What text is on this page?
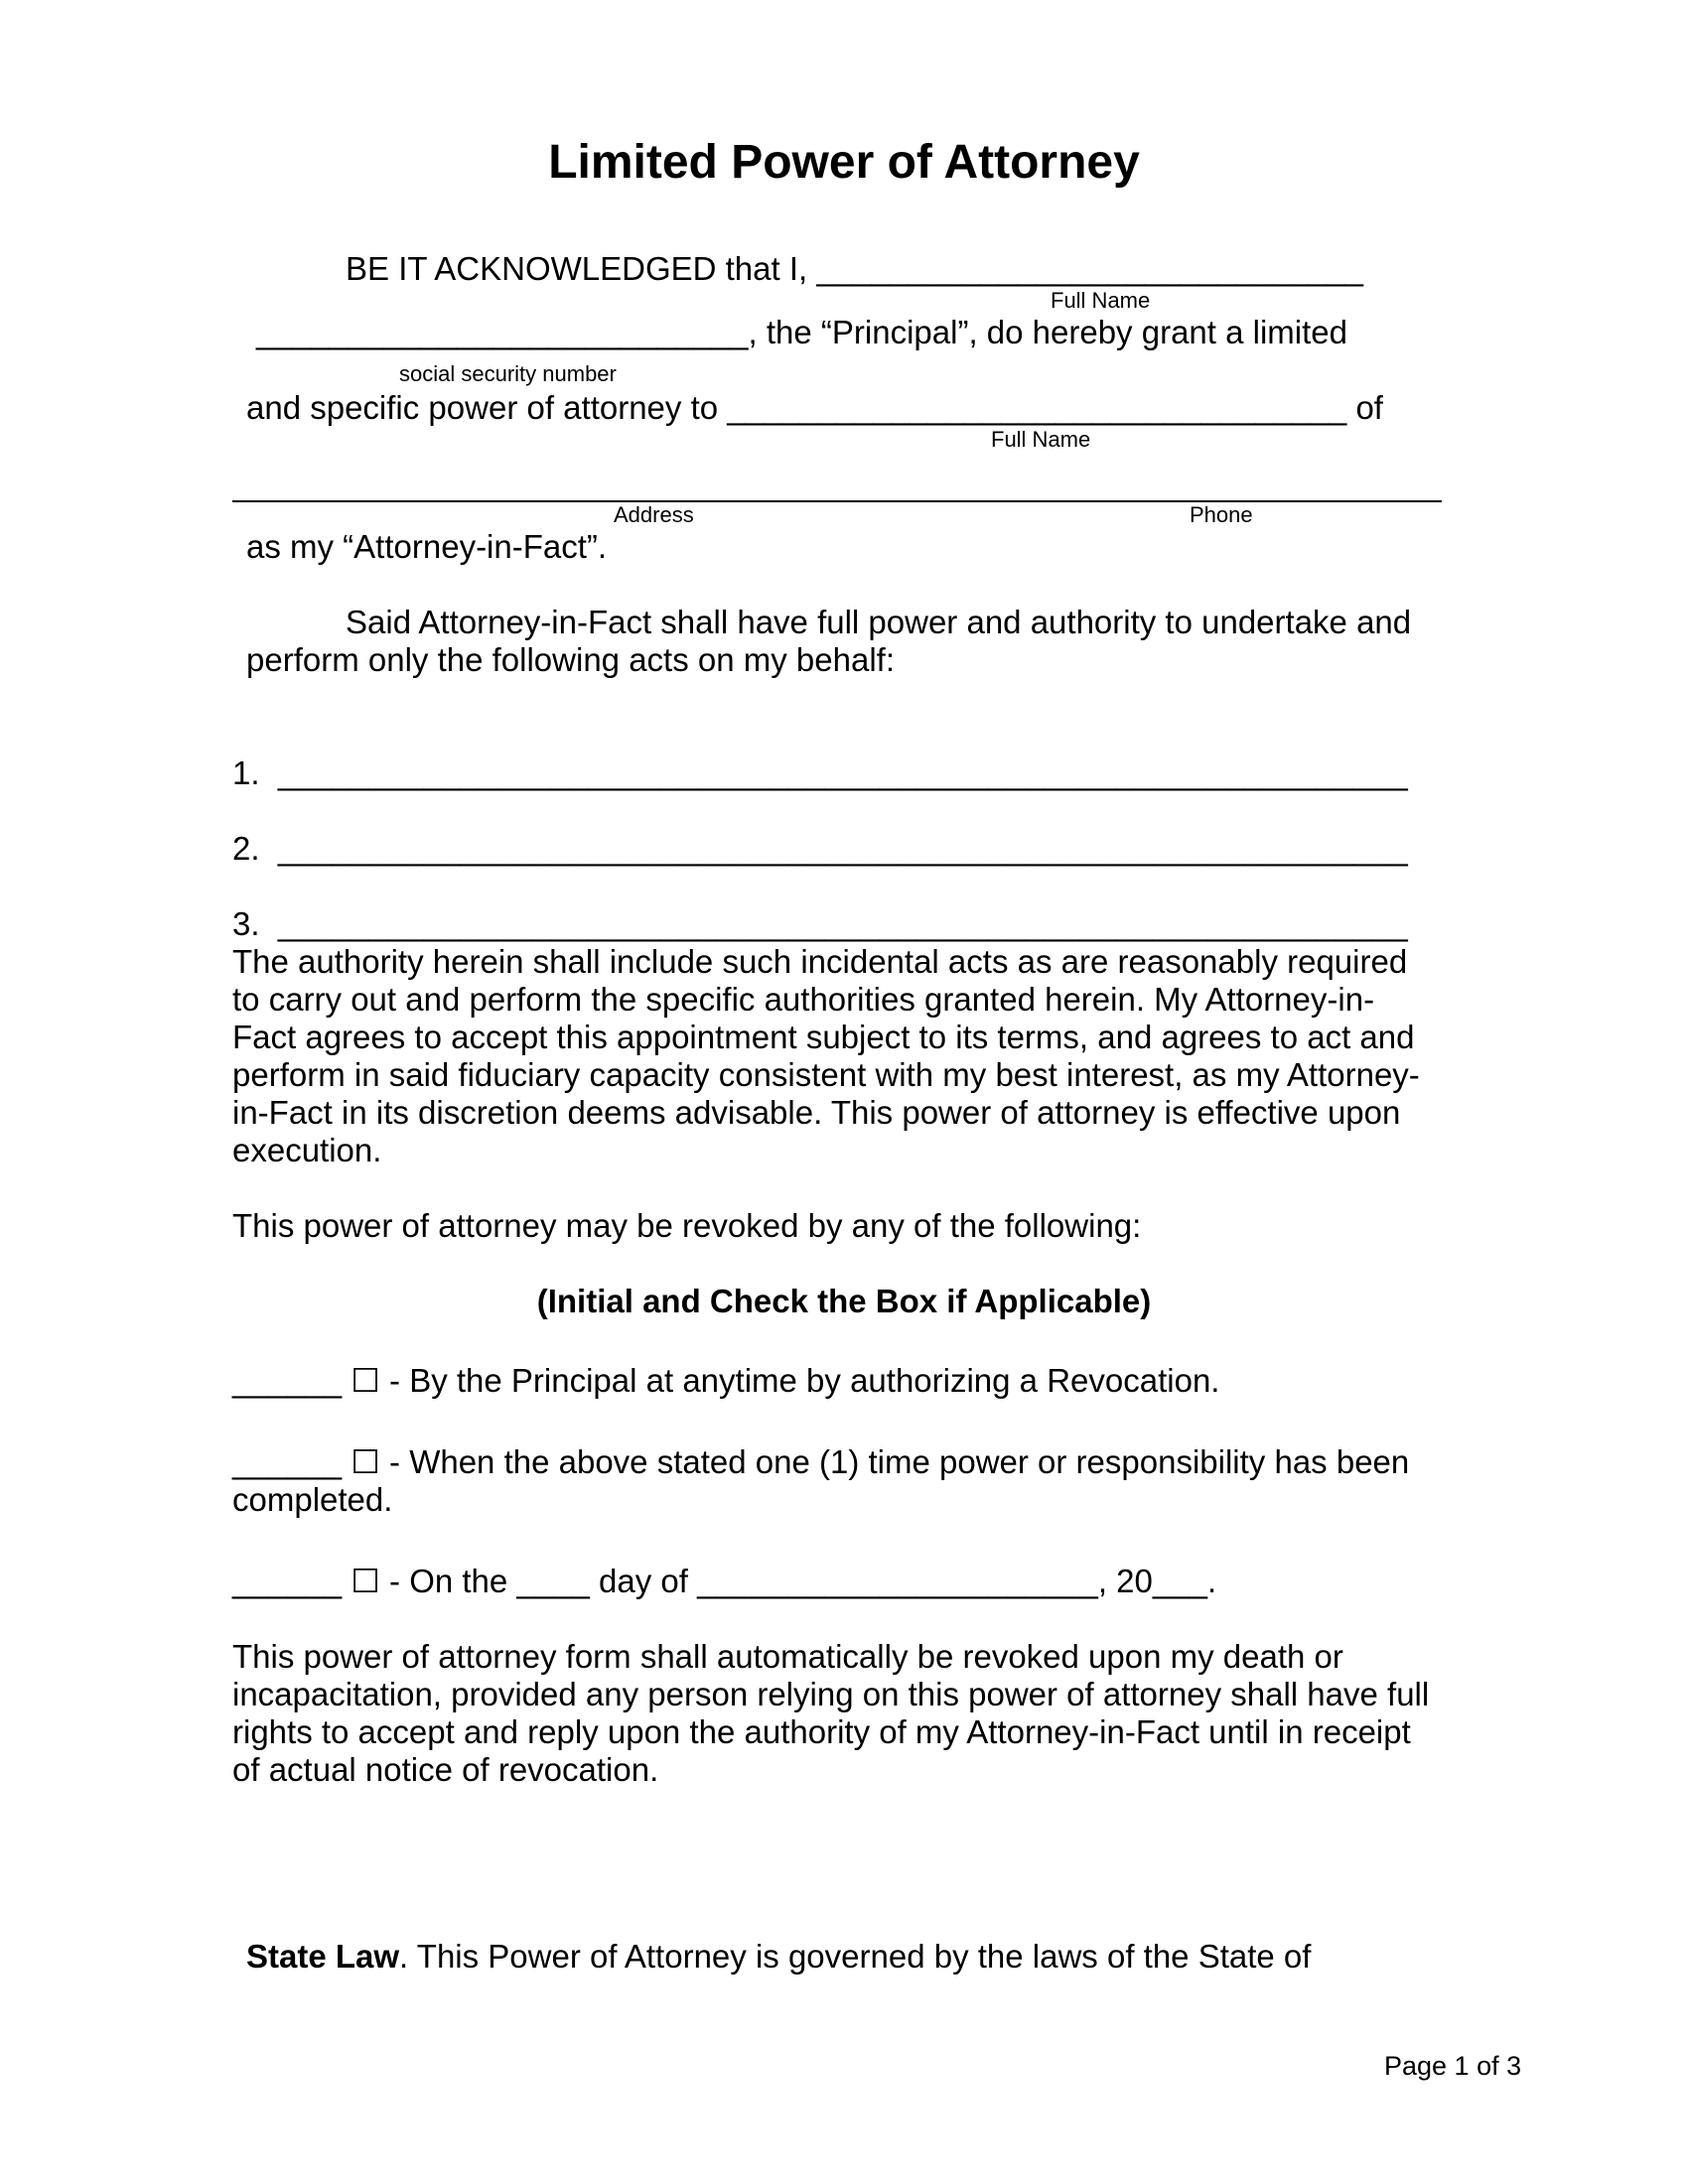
Limited Power of Attorney
BE IT ACKNOWLEDGED that I, ______________________________
Full Name
___________________________, the “Principal”, do hereby grant a limited
social security number
and specific power of attorney to __________________________________ of
Full Name
Address	Phone
as my “Attorney-in-Fact”.
Said Attorney-in-Fact shall have full power and authority to undertake and
perform only the following acts on my behalf:
1.  ______________________________________________________________
2.  ______________________________________________________________
3.  ______________________________________________________________
The authority herein shall include such incidental acts as are reasonably required
to carry out and perform the specific authorities granted herein. My Attorney-in-
Fact agrees to accept this appointment subject to its terms, and agrees to act and
perform in said fiduciary capacity consistent with my best interest, as my Attorney-
in-Fact in its discretion deems advisable. This power of attorney is effective upon
execution.
This power of attorney may be revoked by any of the following:
(Initial and Check the Box if Applicable)
______ ☐ - By the Principal at anytime by authorizing a Revocation.
______ ☐ - When the above stated one (1) time power or responsibility has been
completed.
______ ☐ - On the ____ day of ______________________, 20___.
This power of attorney form shall automatically be revoked upon my death or
incapacitation, provided any person relying on this power of attorney shall have full
rights to accept and reply upon the authority of my Attorney-in-Fact until in receipt
of actual notice of revocation.
State Law. This Power of Attorney is governed by the laws of the State of
Page 1 of 3
